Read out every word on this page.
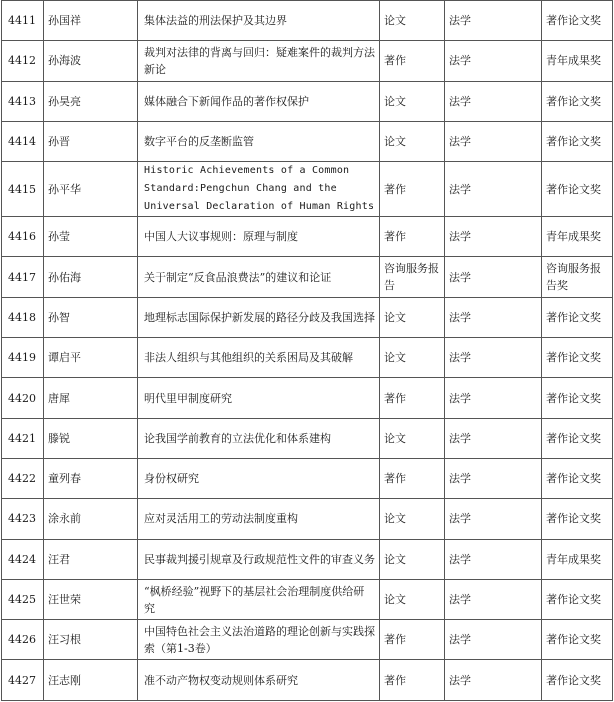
4411	孙国祥	集体法益的刑法保护及其边界	论文	法学	著作论文奖
4412	孙海波	裁判对法律的背离与回归：疑难案件的裁判方法新论	著作	法学	青年成果奖
4413	孙昊亮	媒体融合下新闻作品的著作权保护	论文	法学	著作论文奖
4414	孙晋	数字平台的反垄断监管	论文	法学	著作论文奖
4415	孙平华	Historic Achievements of a Common Standard:Pengchun Chang and the Universal Declaration of Human Rights	著作	法学	著作论文奖
4416	孙莹	中国人大议事规则：原理与制度	著作	法学	青年成果奖
4417	孙佑海	关于制定“反食品浪费法”的建议和论证	咨询服务报告	法学	咨询服务报告奖
4418	孙智	地理标志国际保护新发展的路径分歧及我国选择	论文	法学	著作论文奖
4419	谭启平	非法人组织与其他组织的关系困局及其破解	论文	法学	著作论文奖
4420	唐犀	明代里甲制度研究	著作	法学	著作论文奖
4421	滕锐	论我国学前教育的立法优化和体系建构	论文	法学	著作论文奖
4422	童列春	身份权研究	著作	法学	著作论文奖
4423	涂永前	应对灵活用工的劳动法制度重构	论文	法学	著作论文奖
4424	汪君	民事裁判援引规章及行政规范性文件的审查义务	论文	法学	青年成果奖
4425	汪世荣	“枫桥经验”视野下的基层社会治理制度供给研究	论文	法学	著作论文奖
4426	汪习根	中国特色社会主义法治道路的理论创新与实践探索（第1-3卷）	著作	法学	著作论文奖
4427	汪志刚	准不动产物权变动规则体系研究	著作	法学	著作论文奖
